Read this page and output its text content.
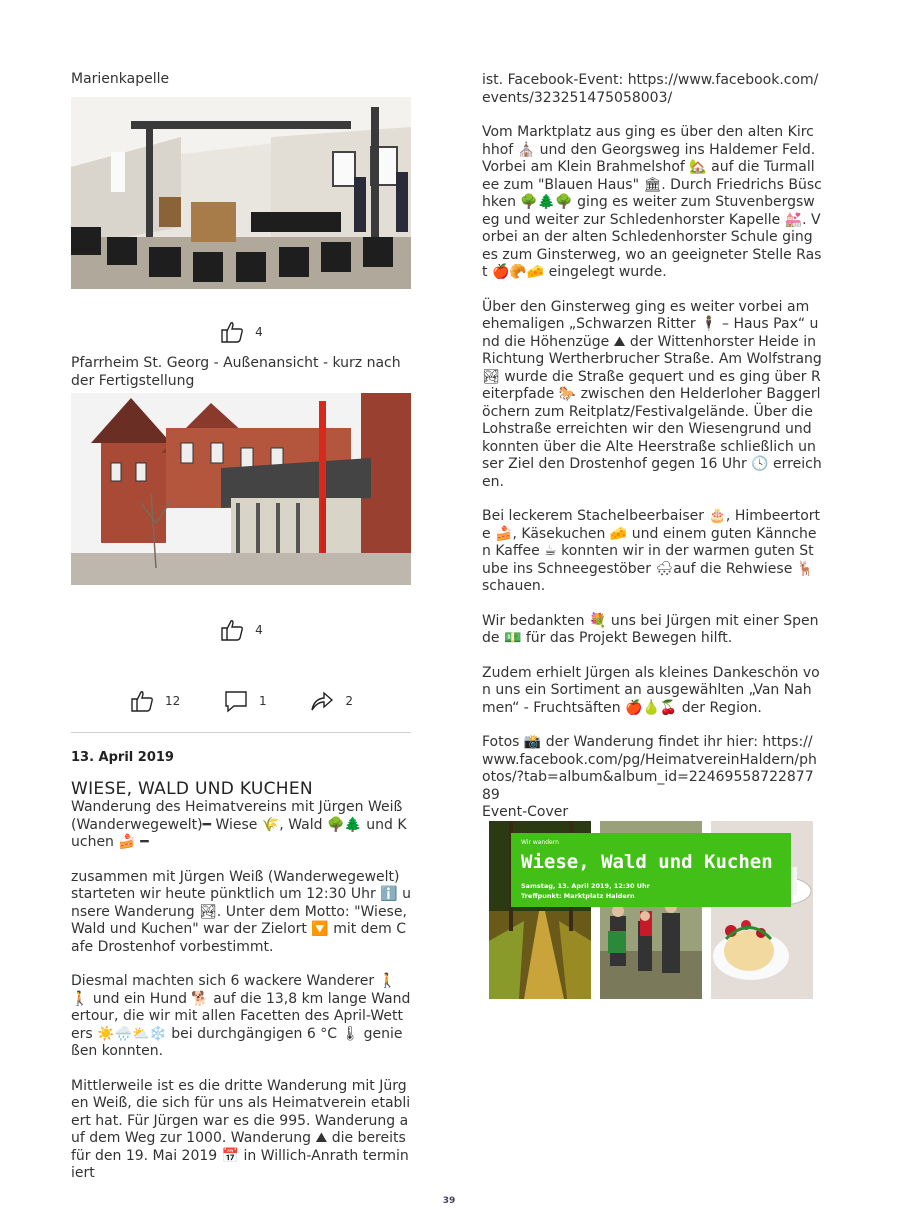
Marienkapelle

4

Pfarrheim St. Georg - Außenansicht - kurz nach der Fertigstellung

4
12	1	2

13. April 2019

WIESE, WALD UND KUCHEN

Wanderung des Heimatvereins mit Jürgen Weiß (Wanderwegewelt)━ Wiese 🌾, Wald 🌳🌲 und Kuchen 🍰 ━

zusammen mit Jürgen Weiß (Wanderwegewelt) starteten wir heute pünktlich um 12:30 Uhr ℹ️ unsere Wanderung 🏞. Unter dem Motto: "Wiese, Wald und Kuchen" war der Zielort 🔽 mit dem Cafe Drostenhof vorbestimmt.

Diesmal machten sich 6 wackere Wanderer 🚶🚶 und ein Hund 🐕 auf die 13,8 km lange Wandertour, die wir mit allen Facetten des April-Wetters ☀️🌧️⛅❄️ bei durchgängigen 6 °C 🌡 genießen konnten.

Mittlerweile ist es die dritte Wanderung mit Jürgen Weiß, die sich für uns als Heimatverein etabliert hat. Für Jürgen war es die 995. Wanderung auf dem Weg zur 1000. Wanderung ⛰ die bereits für den 19. Mai 2019 📅 in Willich-Anrath terminiert

ist. Facebook-Event: https://www.facebook.com/events/323251475058003/

Vom Marktplatz aus ging es über den alten Kirchhof ⛪ und den Georgsweg ins Haldemer Feld. Vorbei am Klein Brahmelshof 🏡 auf die Turmallee zum "Blauen Haus" 🏛. Durch Friedrichs Büschken 🌳🌲🌳 ging es weiter zum Stuvenbergsweg und weiter zur Schledenhorster Kapelle 💒. Vorbei an der alten Schledenhorster Schule ging es zum Ginsterweg, wo an geeigneter Stelle Rast 🍎🥐🧀 eingelegt wurde.

Über den Ginsterweg ging es weiter vorbei am ehemaligen „Schwarzen Ritter 🕴 – Haus Pax“ und die Höhenzüge ⛰ der Wittenhorster Heide in Richtung Wertherbrucher Straße. Am Wolfstrang 🏞 wurde die Straße gequert und es ging über Reiterpfade 🐎 zwischen den Helderloher Baggerlöchern zum Reitplatz/Festivalgelände. Über die Lohstraße erreichten wir den Wiesengrund und konnten über die Alte Heerstraße schließlich unser Ziel den Drostenhof gegen 16 Uhr 🕓 erreichen.

Bei leckerem Stachelbeerbaiser 🎂, Himbeertorte 🍰, Käsekuchen 🧀 und einem guten Kännchen Kaffee ☕ konnten wir in der warmen guten Stube ins Schneegestöber 🌨auf die Rehwiese 🦌 schauen.

Wir bedankten 💐 uns bei Jürgen mit einer Spende 💵 für das Projekt Bewegen hilft.

Zudem erhielt Jürgen als kleines Dankeschön von uns ein Sortiment an ausgewählten „Van Nahmen“ - Fruchtsäften 🍎🍐🍒 der Region.

Fotos 📸 der Wanderung findet ihr hier: https://www.facebook.com/pg/HeimatvereinHaldern/photos/?tab=album&album_id=2246955872287789

Event-Cover

Wir wandern
Wiese, Wald und Kuchen
Samstag, 13. April 2019, 12:30 Uhr
Treffpunkt: Marktplatz Haldern
39
